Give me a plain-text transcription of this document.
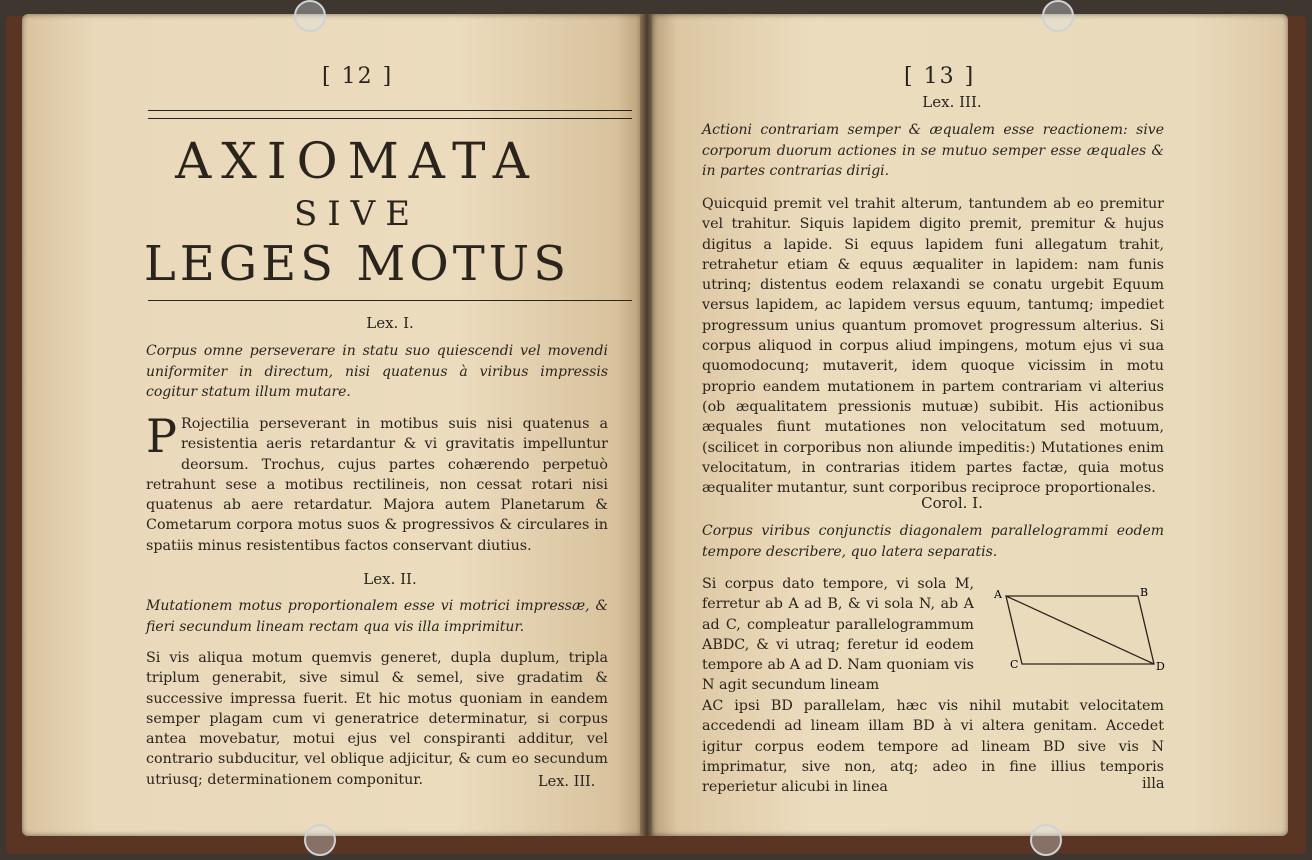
[ 12 ]
AXIOMATA
SIVE
LEGES MOTUS
Lex. I.
Corpus omne perseverare in statu suo quiescendi vel movendi uniformiter in directum, nisi quatenus à viribus impressis cogitur statum illum mutare.
P Rojectilia perseverant in motibus suis nisi quatenus a resistentia aeris retardantur & vi gravitatis impelluntur deorsum. Trochus, cujus partes cohærendo perpetuò retrahunt sese a motibus rectilineis, non cessat rotari nisi quatenus ab aere retardatur. Majora autem Planetarum & Cometarum corpora motus suos & progressivos & circulares in spatiis minus resistentibus factos conservant diutius.
Lex. II.
Mutationem motus proportionalem esse vi motrici impressæ, & fieri secundum lineam rectam qua vis illa imprimitur.
Si vis aliqua motum quemvis generet, dupla duplum, tripla triplum generabit, sive simul & semel, sive gradatim & successive impressa fuerit. Et hic motus quoniam in eandem semper plagam cum vi generatrice determinatur, si corpus antea movebatur, motui ejus vel conspiranti additur, vel contrario subducitur, vel oblique adjicitur, & cum eo secundum utriusq; determinationem componitur.	Lex. III.
[ 13 ]
Lex. III.
Actioni contrariam semper & æqualem esse reactionem: sive corporum duorum actiones in se mutuo semper esse æquales & in partes contrarias dirigi.
Quicquid premit vel trahit alterum, tantundem ab eo premitur vel trahitur. Siquis lapidem digito premit, premitur & hujus digitus a lapide. Si equus lapidem funi allegatum trahit, retrahetur etiam & equus æqualiter in lapidem: nam funis utrinq; distentus eodem relaxandi se conatu urgebit Equum versus lapidem, ac lapidem versus equum, tantumq; impediet progressum unius quantum promovet progressum alterius. Si corpus aliquod in corpus aliud impingens, motum ejus vi sua quomodocunq; mutaverit, idem quoque vicissim in motu proprio eandem mutationem in partem contrariam vi alterius (ob æqualitatem pressionis mutuæ) subibit. His actionibus æquales fiunt mutationes non velocitatum sed motuum, (scilicet in corporibus non aliunde impeditis:) Mutationes enim velocitatum, in contrarias itidem partes factæ, quia motus æqualiter mutantur, sunt corporibus reciproce proportionales.
Corol. I.
Corpus viribus conjunctis diagonalem parallelogrammi eodem tempore describere, quo latera separatis.
Si corpus dato tempore, vi sola M, ferretur ab A ad B, & vi sola N, ab A ad C, compleatur parallelogrammum ABDC, & vi utraq; feretur id eodem tempore ab A ad D. Nam quoniam vis N agit secundum lineam
A	B
C	D
AC ipsi BD parallelam, hæc vis nihil mutabit velocitatem accedendi ad lineam illam BD à vi altera genitam. Accedet igitur corpus eodem tempore ad lineam BD sive vis N imprimatur, sive non, atq; adeo in fine illius temporis reperietur alicubi in linea	illa
